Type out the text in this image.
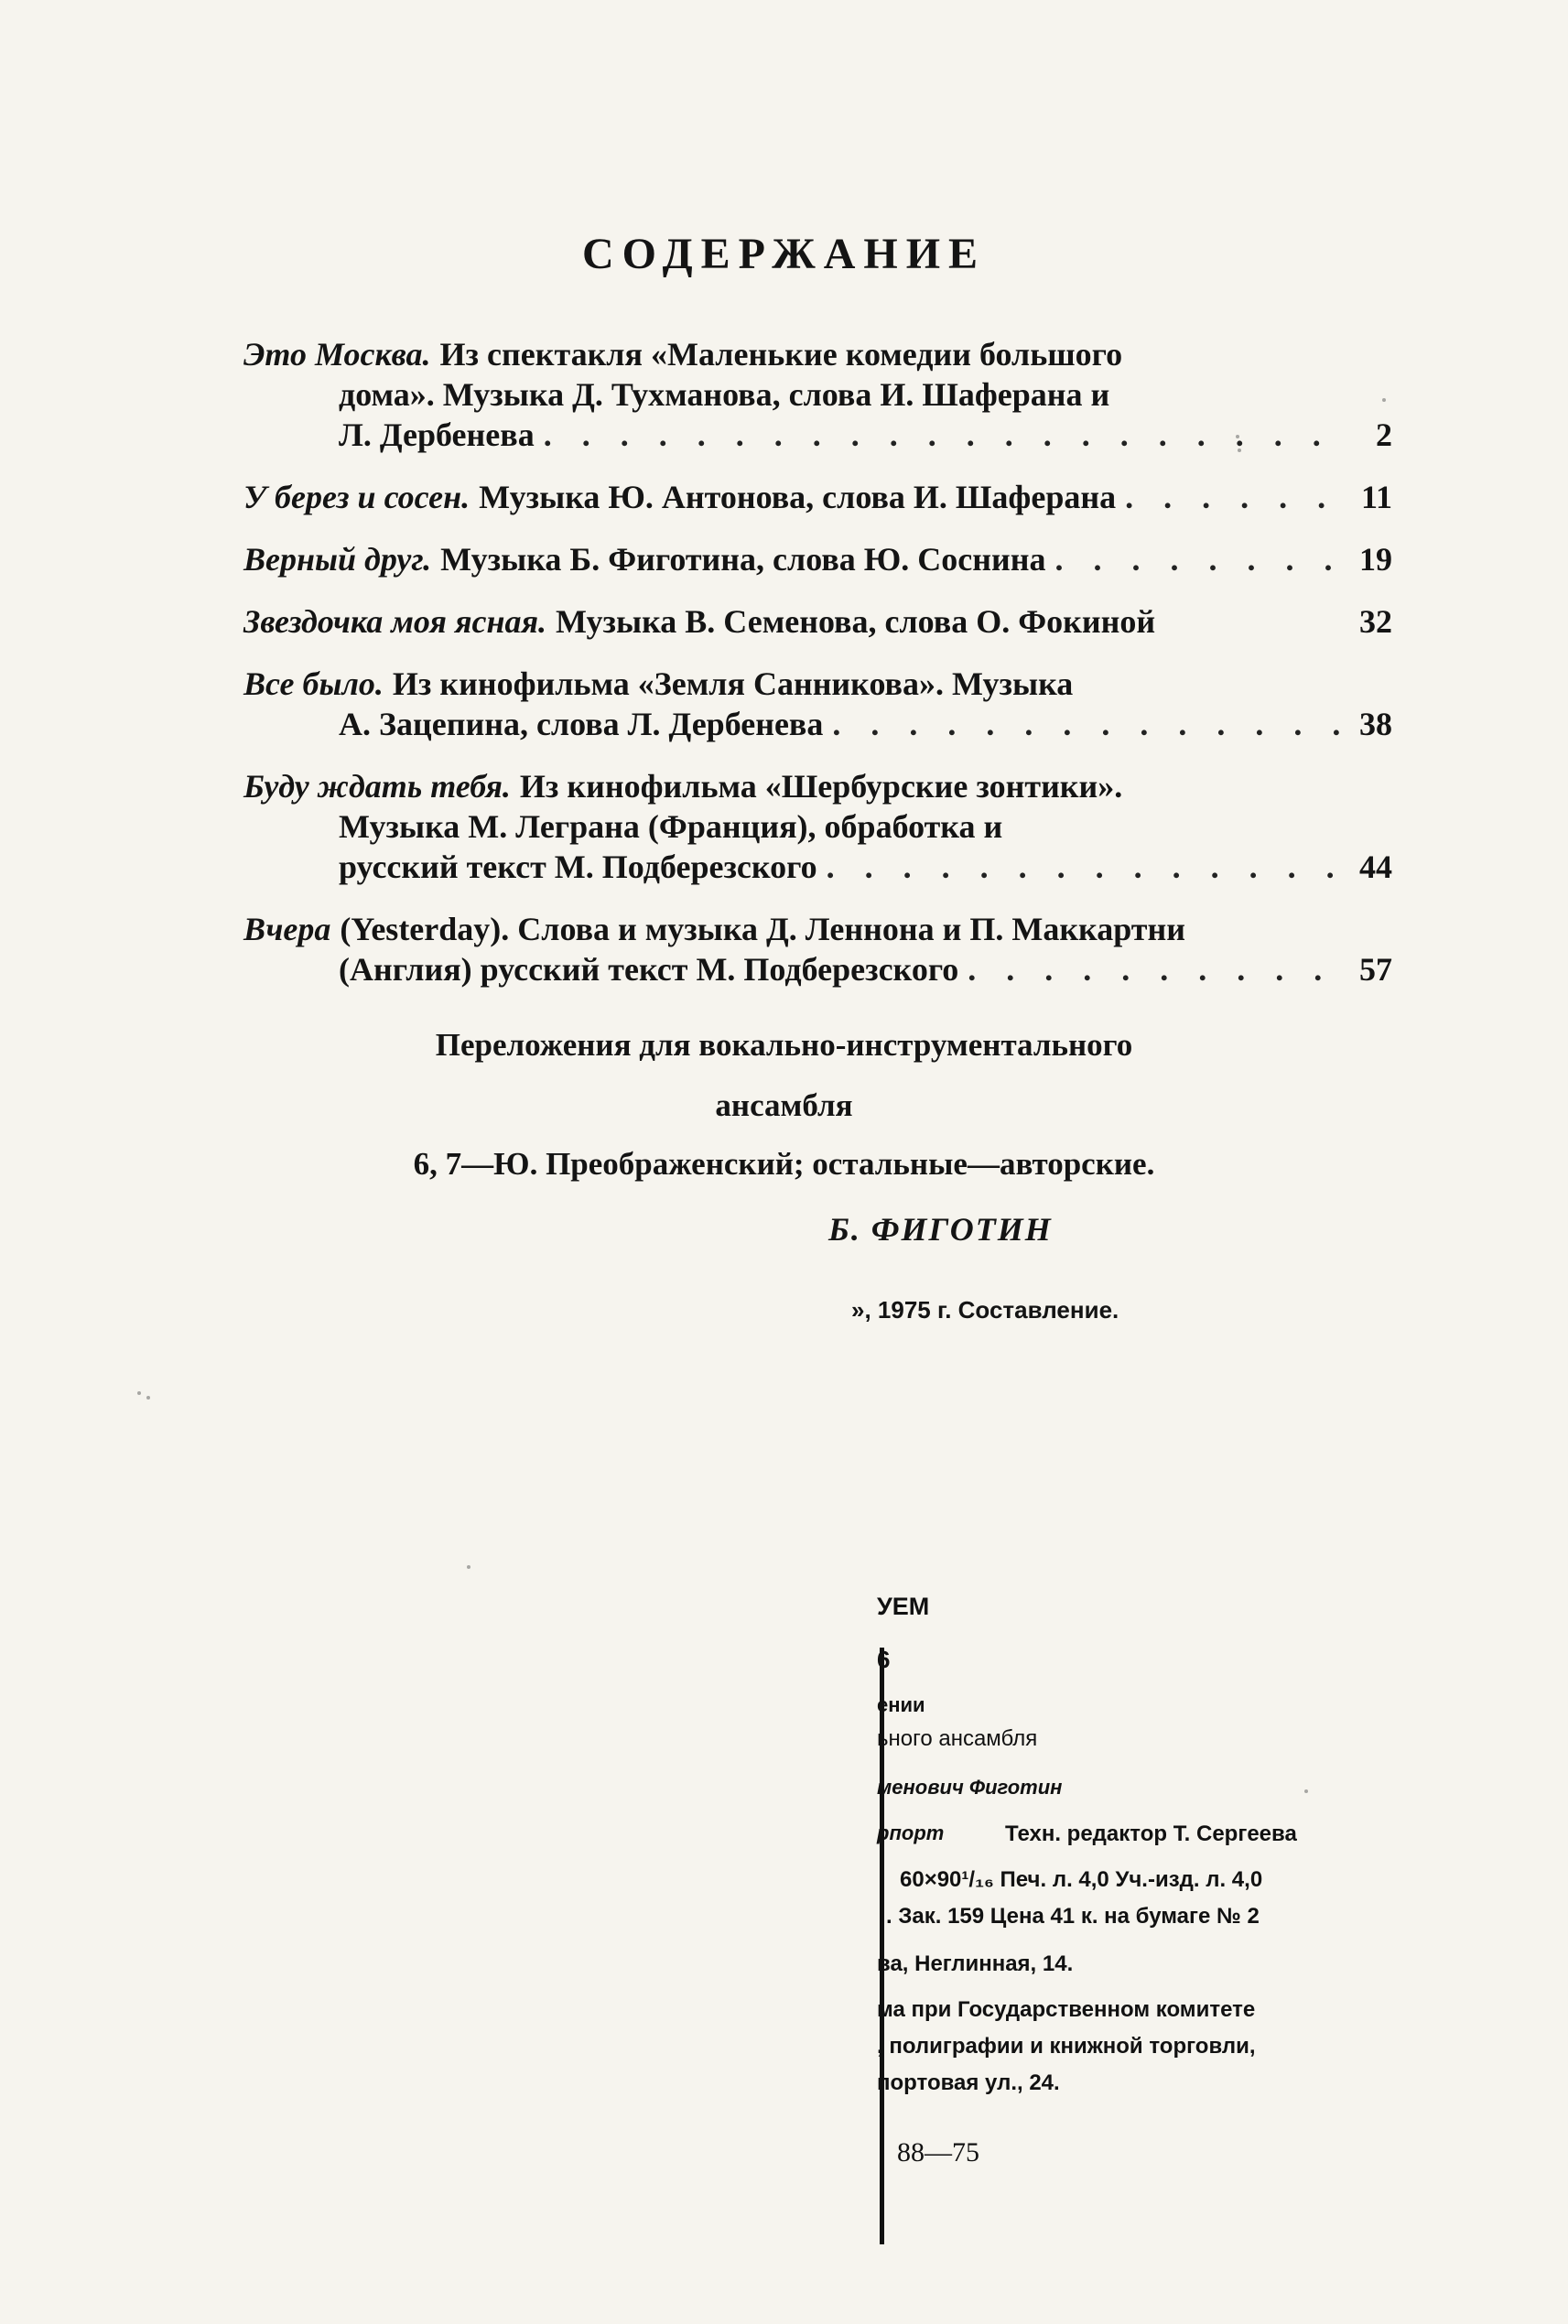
СОДЕРЖАНИЕ
Это Москва. Из спектакля «Маленькие комедии большого
дома». Музыка Д. Тухманова, слова И. Шаферана и
Л. Дербенева . . .	2
У берез и сосен. Музыка Ю. Антонова, слова И. Шаферана . . .	11
Верный друг. Музыка Б. Фиготина, слова Ю. Соснина . . .	19
Звездочка моя ясная. Музыка В. Семенова, слова О. Фокиной	32
Все было. Из кинофильма «Земля Санникова». Музыка
А. Зацепина, слова Л. Дербенева . . .	38
Буду ждать тебя. Из кинофильма «Шербурские зонтики».
Музыка М. Леграна (Франция), обработка и
русский текст М. Подберезского . . .	44
Вчера (Yesterday). Слова и музыка Д. Леннона и П. Маккартни
(Англия) русский текст М. Подберезского . . .	57
Переложения для вокально-инструментального
ансамбля
6, 7—Ю. Преображенский; остальные—авторские.
Б. ФИГОТИН
», 1975 г. Составление.
УЕМ
6
ении
ьного ансамбля
менович Фиготин
рпорт	Техн. редактор Т. Сергеева
60×90¹/₁₆ Печ. л. 4,0 Уч.-изд. л. 4,0
. Зак. 159 Цена 41 к. на бумаге № 2
ва, Неглинная, 14.
ма при Государственном комитете
, полиграфии и книжной торговли,
портовая ул., 24.
88—75
